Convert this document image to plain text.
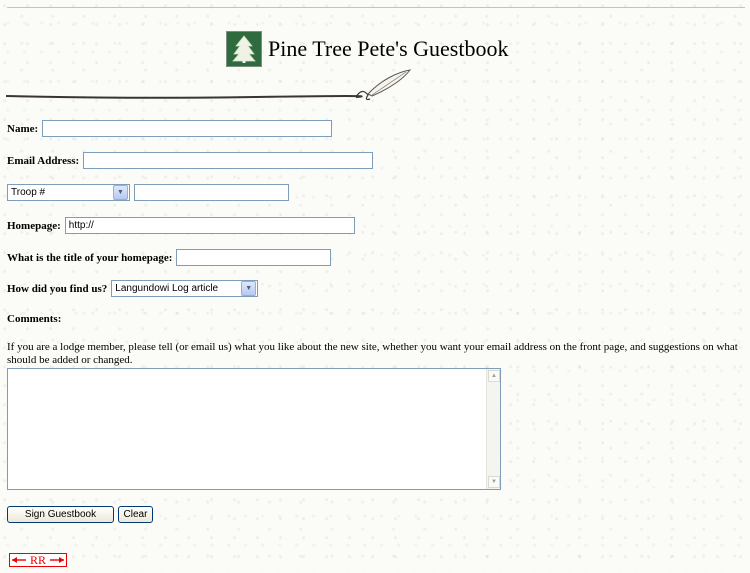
Pine Tree Pete's Guestbook
Name:
Email Address:
Troop #	▼
Homepage:
http://
What is the title of your homepage:
How did you find us? Langundowi Log article	▼
Comments:
If you are a lodge member, please tell (or email us) what you like about the new site, whether you want your email address on the front page, and suggestions on what should be added or changed.
▲
▼
Sign Guestbook	Clear
RR
